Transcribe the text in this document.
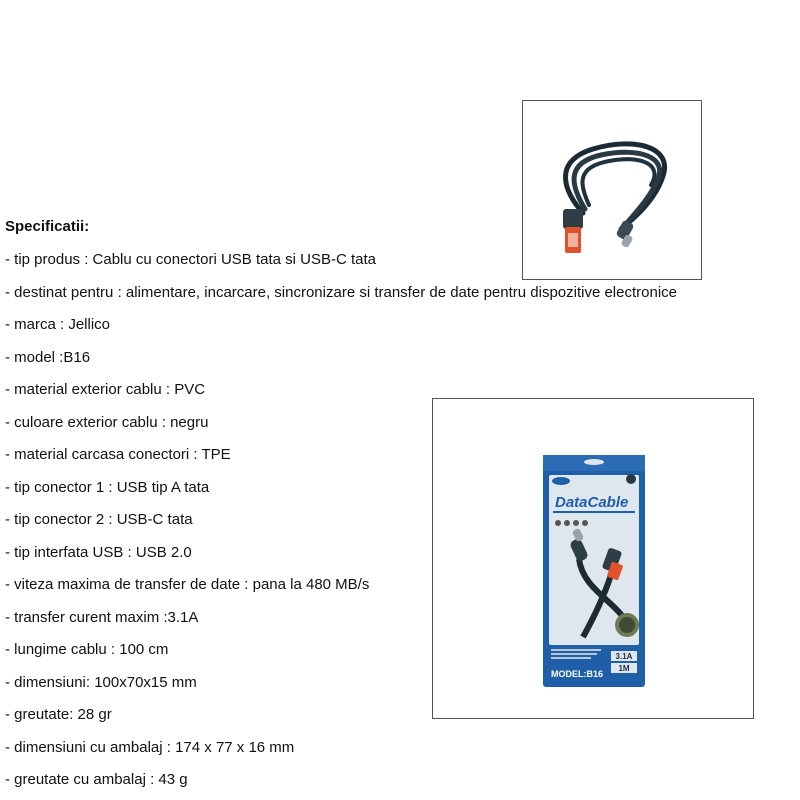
Specificatii:
- tip produs : Cablu cu conectori USB tata si USB-C tata
- destinat pentru : alimentare, incarcare, sincronizare si transfer de date pentru dispozitive electronice
- marca : Jellico
- model :B16
- material exterior cablu : PVC
- culoare exterior cablu : negru
- material carcasa conectori : TPE
- tip conector 1 : USB tip A tata
- tip conector 2 : USB-C tata
- tip interfata USB : USB 2.0
- viteza maxima de transfer de date : pana la 480 MB/s
- transfer curent maxim :3.1A
- lungime cablu : 100 cm
- dimensiuni: 100x70x15 mm
- greutate: 28 gr
- dimensiuni cu ambalaj : 174 x 77 x 16 mm
- greutate cu ambalaj : 43 g
DataCable
3.1A
1M
MODEL:B16
